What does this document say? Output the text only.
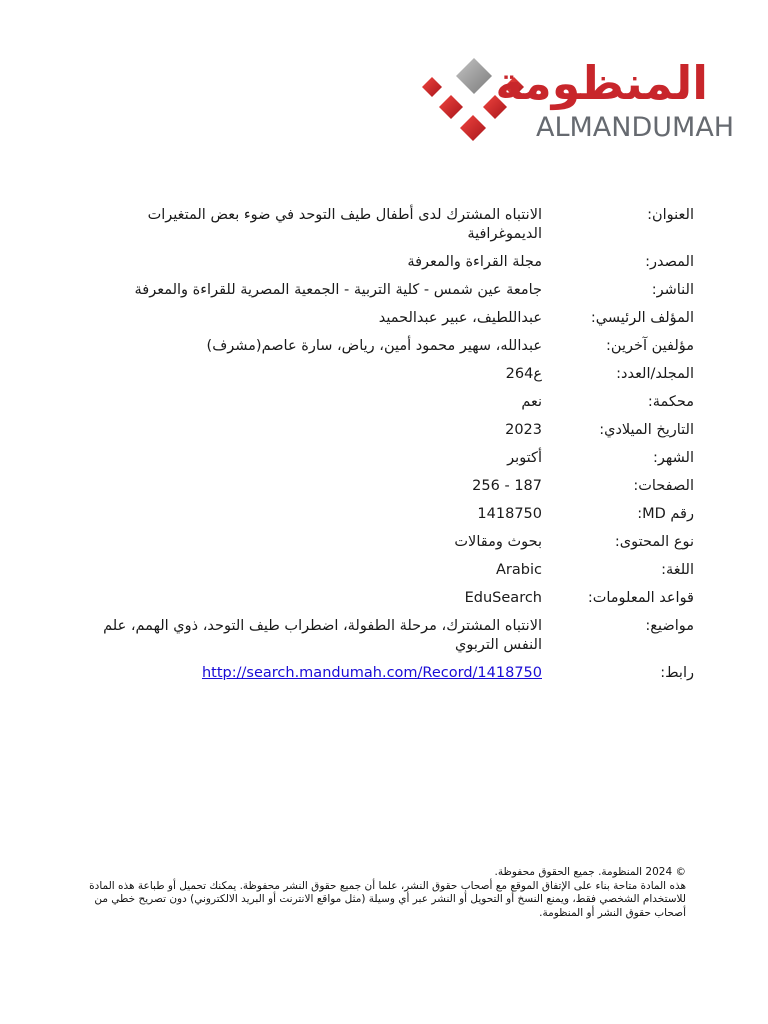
المنظومة
ALMANDUMAH
العنوان:
الانتباه المشترك لدى أطفال طيف التوحد في ضوء بعض المتغيرات الديموغرافية
المصدر:
مجلة القراءة والمعرفة
الناشر:
جامعة عين شمس - كلية التربية - الجمعية المصرية للقراءة والمعرفة
المؤلف الرئيسي:
عبداللطيف، عبير عبدالحميد
مؤلفين آخرين:
عبدالله، سهير محمود أمين، رياض، سارة عاصم(مشرف)
المجلد/العدد:
ع264
محكمة:
نعم
التاريخ الميلادي:
2023
الشهر:
أكتوبر
الصفحات:
187 - 256
رقم MD:
1418750
نوع المحتوى:
بحوث ومقالات
اللغة:
Arabic
قواعد المعلومات:
EduSearch
مواضيع:
الانتباه المشترك، مرحلة الطفولة، اضطراب طيف التوحد، ذوي الهمم، علم النفس التربوي
رابط:
http://search.mandumah.com/Record/1418750

© 2024 المنظومة. جميع الحقوق محفوظة.

هذه المادة متاحة بناء على الإتفاق الموقع مع أصحاب حقوق النشر، علما أن جميع حقوق النشر محفوظة. يمكنك تحميل أو طباعة هذه المادة للاستخدام الشخصي فقط، ويمنع النسخ أو التحويل أو النشر عبر أي وسيلة (مثل مواقع الانترنت أو البريد الالكتروني) دون تصريح خطي من أصحاب حقوق النشر أو المنظومة.
